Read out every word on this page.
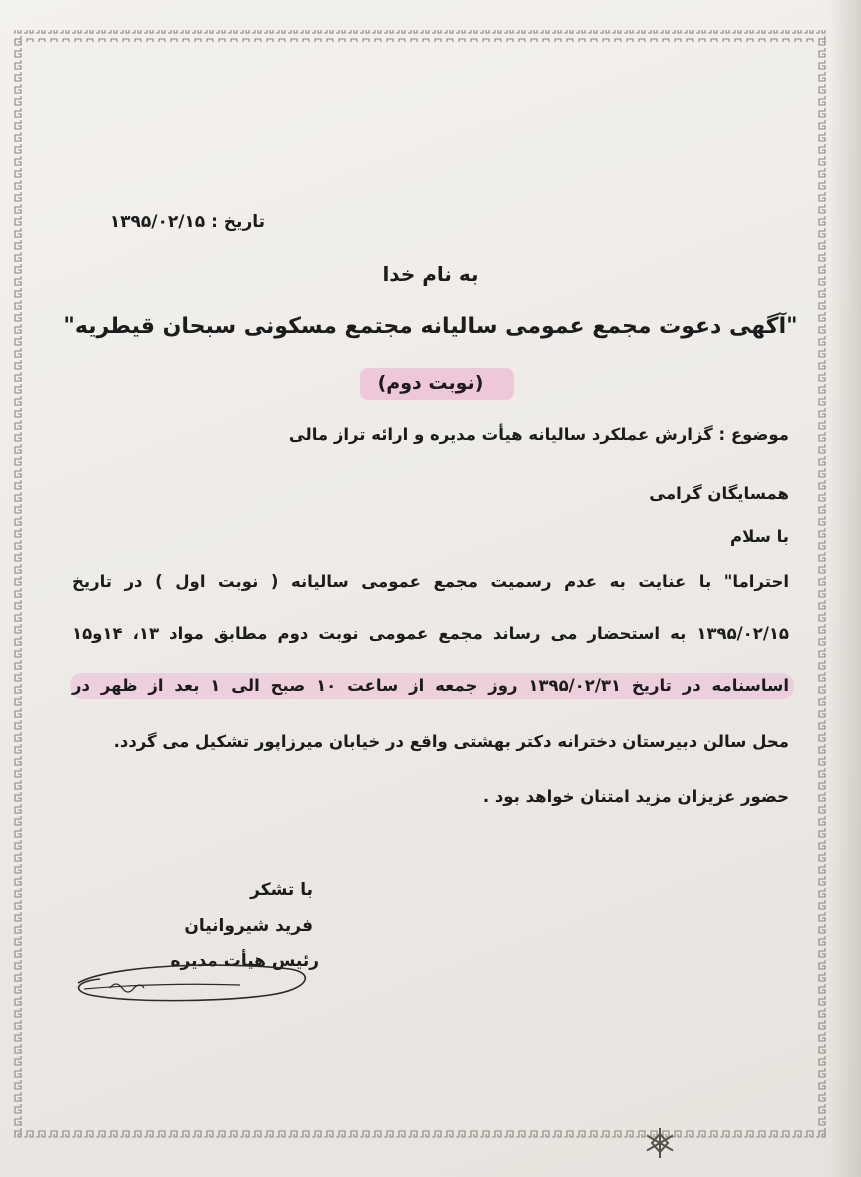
تاریخ : ۱۳۹۵/۰۲/۱۵
به نام خدا
"آگهی دعوت مجمع عمومی سالیانه مجتمع مسکونی سبحان قیطریه"
(نوبت دوم)
موضوع : گزارش عملکرد سالیانه هیأت مدیره و ارائه تراز مالی
همسایگان گرامی
با سلام
احتراما" با عنایت به عدم رسمیت مجمع عمومی سالیانه ( نوبت اول ) در تاریخ
۱۳۹۵/۰۲/۱۵ به استحضار می رساند مجمع عمومی نوبت دوم مطابق مواد ۱۳، ۱۴و۱۵
اساسنامه در تاریخ ۱۳۹۵/۰۲/۳۱ روز جمعه از ساعت ۱۰ صبح الی ۱ بعد از ظهر در
محل سالن دبیرستان دخترانه دکتر بهشتی واقع در خیابان میرزاپور تشکیل می گردد.
حضور عزیزان مزید امتنان خواهد بود .
با تشکر
فرید شیروانیان
رئیس هیأت مدیره
